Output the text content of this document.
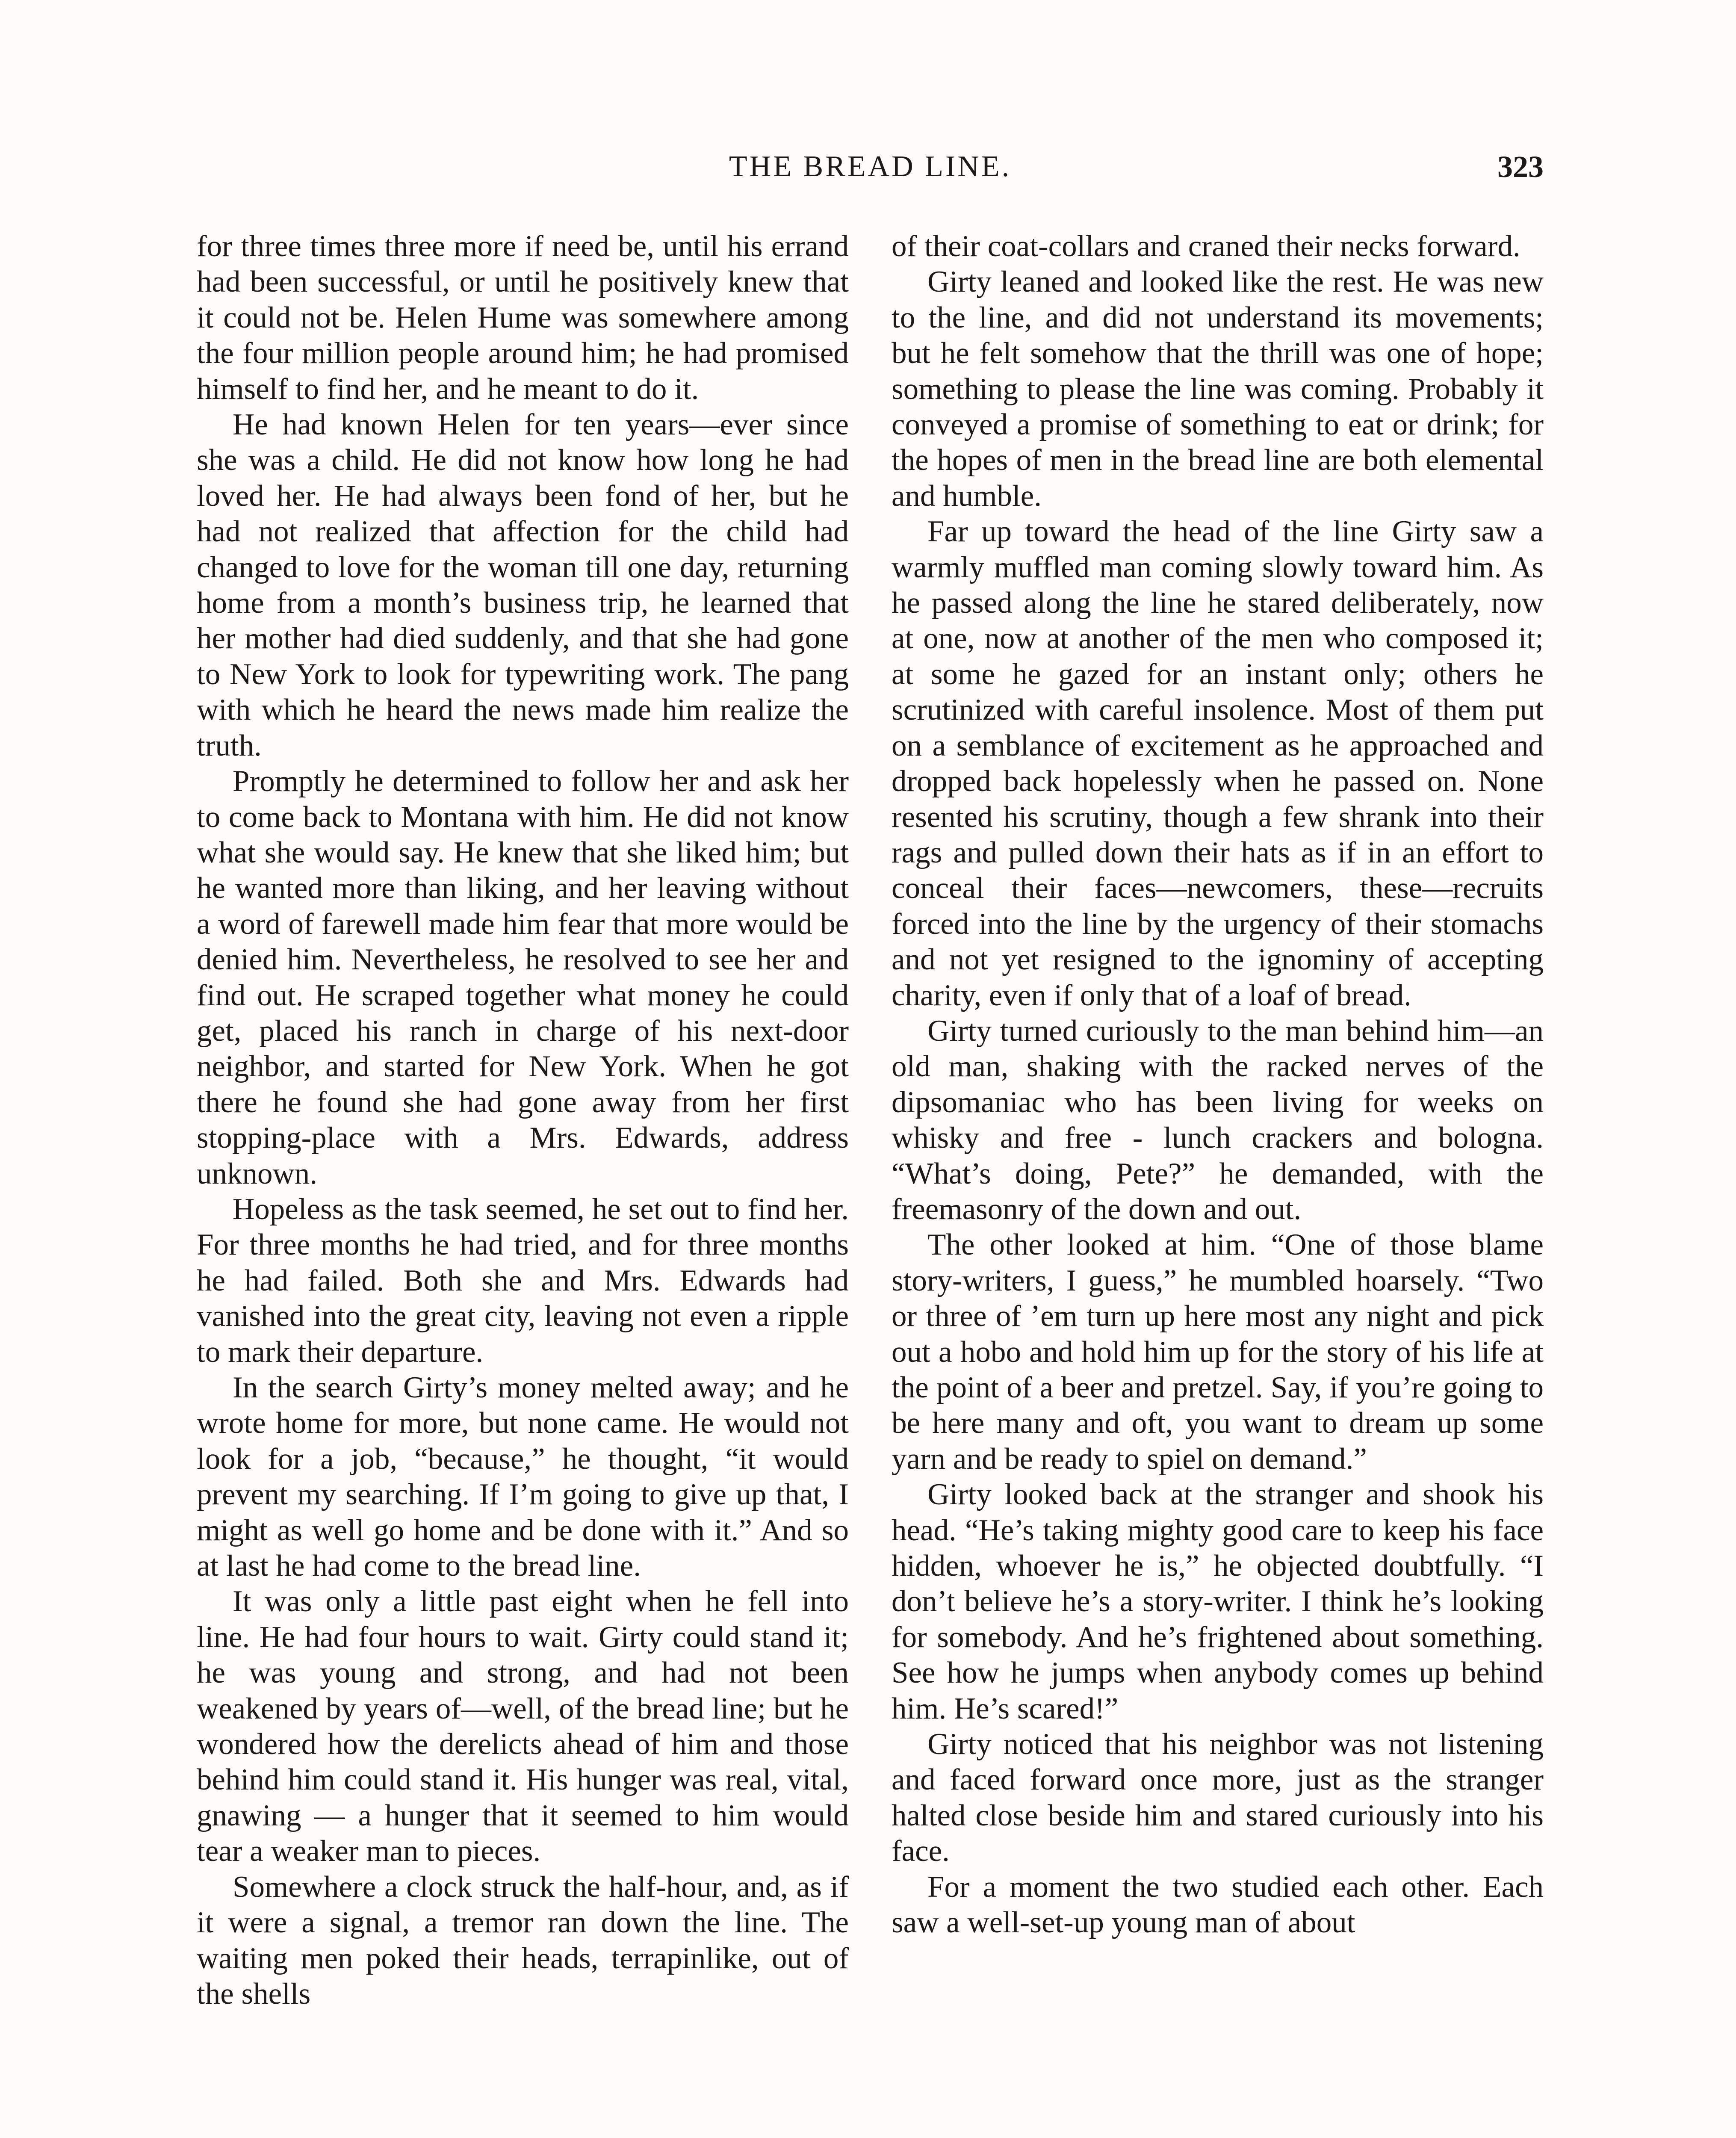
THE BREAD LINE.	323

for three times three more if need be, until his errand had been successful, or until he positively knew that it could not be. Helen Hume was somewhere among the four million people around him; he had promised himself to find her, and he meant to do it.

He had known Helen for ten years—ever since she was a child. He did not know how long he had loved her. He had always been fond of her, but he had not realized that affection for the child had changed to love for the woman till one day, returning home from a month’s business trip, he learned that her mother had died suddenly, and that she had gone to New York to look for typewriting work. The pang with which he heard the news made him realize the truth.

Promptly he determined to follow her and ask her to come back to Montana with him. He did not know what she would say. He knew that she liked him; but he wanted more than liking, and her leaving without a word of farewell made him fear that more would be denied him. Nevertheless, he resolved to see her and find out. He scraped together what money he could get, placed his ranch in charge of his next-door neighbor, and started for New York. When he got there he found she had gone away from her first stopping-place with a Mrs. Edwards, address unknown.

Hopeless as the task seemed, he set out to find her. For three months he had tried, and for three months he had failed. Both she and Mrs. Edwards had vanished into the great city, leaving not even a ripple to mark their departure.

In the search Girty’s money melted away; and he wrote home for more, but none came. He would not look for a job, “because,” he thought, “it would prevent my searching. If I’m going to give up that, I might as well go home and be done with it.” And so at last he had come to the bread line.

It was only a little past eight when he fell into line. He had four hours to wait. Girty could stand it; he was young and strong, and had not been weakened by years of—well, of the bread line; but he wondered how the derelicts ahead of him and those behind him could stand it. His hunger was real, vital, gnawing — a hunger that it seemed to him would tear a weaker man to pieces.

Somewhere a clock struck the half-hour, and, as if it were a signal, a tremor ran down the line. The waiting men poked their heads, terrapinlike, out of the shells

of their coat-collars and craned their necks forward.

Girty leaned and looked like the rest. He was new to the line, and did not understand its movements; but he felt somehow that the thrill was one of hope; something to please the line was coming. Probably it conveyed a promise of something to eat or drink; for the hopes of men in the bread line are both elemental and humble.

Far up toward the head of the line Girty saw a warmly muffled man coming slowly toward him. As he passed along the line he stared deliberately, now at one, now at another of the men who composed it; at some he gazed for an instant only; others he scrutinized with careful insolence. Most of them put on a semblance of excitement as he approached and dropped back hopelessly when he passed on. None resented his scrutiny, though a few shrank into their rags and pulled down their hats as if in an effort to conceal their faces—newcomers, these—recruits forced into the line by the urgency of their stomachs and not yet resigned to the ignominy of accepting charity, even if only that of a loaf of bread.

Girty turned curiously to the man behind him—an old man, shaking with the racked nerves of the dipsomaniac who has been living for weeks on whisky and free - lunch crackers and bologna. “What’s doing, Pete?” he demanded, with the freemasonry of the down and out.

The other looked at him. “One of those blame story-writers, I guess,” he mumbled hoarsely. “Two or three of ’em turn up here most any night and pick out a hobo and hold him up for the story of his life at the point of a beer and pretzel. Say, if you’re going to be here many and oft, you want to dream up some yarn and be ready to spiel on demand.”

Girty looked back at the stranger and shook his head. “He’s taking mighty good care to keep his face hidden, whoever he is,” he objected doubtfully. “I don’t believe he’s a story-writer. I think he’s looking for somebody. And he’s frightened about something. See how he jumps when anybody comes up behind him. He’s scared!”

Girty noticed that his neighbor was not listening and faced forward once more, just as the stranger halted close beside him and stared curiously into his face.

For a moment the two studied each other. Each saw a well-set-up young man of about
